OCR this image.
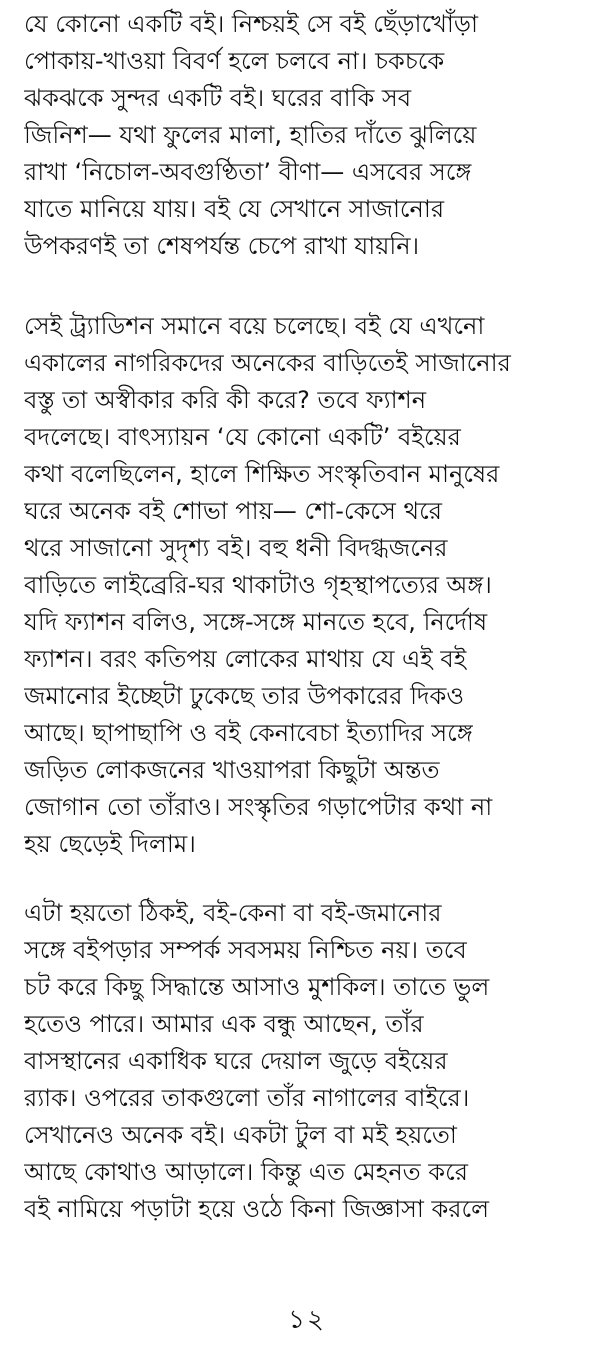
যে কোনো একটি বই। নিশ্চয়ই সে বই ছেঁড়াখোঁড়া
পোকায়-খাওয়া বিবর্ণ হলে চলবে না। চকচকে
ঝকঝকে সুন্দর একটি বই। ঘরের বাকি সব
জিনিশ— যথা ফুলের মালা, হাতির দাঁতে ঝুলিয়ে
রাখা ‘নিচোল-অবগুণ্ঠিতা’ বীণা— এসবের সঙ্গে
যাতে মানিয়ে যায়। বই যে সেখানে সাজানোর
উপকরণই তা শেষপর্যন্ত চেপে রাখা যায়নি।
সেই ট্র্যাডিশন সমানে বয়ে চলেছে। বই যে এখনো
একালের নাগরিকদের অনেকের বাড়িতেই সাজানোর
বস্তু তা অস্বীকার করি কী করে? তবে ফ্যাশন
বদলেছে। বাৎস্যায়ন ‘যে কোনো একটি’ বইয়ের
কথা বলেছিলেন, হালে শিক্ষিত সংস্কৃতিবান মানুষের
ঘরে অনেক বই শোভা পায়— শো-কেসে থরে
থরে সাজানো সুদৃশ্য বই। বহু ধনী বিদগ্ধজনের
বাড়িতে লাইব্রেরি-ঘর থাকাটাও গৃহস্থাপত্যের অঙ্গ।
যদি ফ্যাশন বলিও, সঙ্গে-সঙ্গে মানতে হবে, নির্দোষ
ফ্যাশন। বরং কতিপয় লোকের মাথায় যে এই বই
জমানোর ইচ্ছেটা ঢুকেছে তার উপকারের দিকও
আছে। ছাপাছাপি ও বই কেনাবেচা ইত্যাদির সঙ্গে
জড়িত লোকজনের খাওয়াপরা কিছুটা অন্তত
জোগান তো তাঁরাও। সংস্কৃতির গড়াপেটার কথা না
হয় ছেড়েই দিলাম।
এটা হয়তো ঠিকই, বই-কেনা বা বই-জমানোর
সঙ্গে বইপড়ার সম্পর্ক সবসময় নিশ্চিত নয়। তবে
চট করে কিছু সিদ্ধান্তে আসাও মুশকিল। তাতে ভুল
হতেও পারে। আমার এক বন্ধু আছেন, তাঁর
বাসস্থানের একাধিক ঘরে দেয়াল জুড়ে বইয়ের
র‍্যাক। ওপরের তাকগুলো তাঁর নাগালের বাইরে।
সেখানেও অনেক বই। একটা টুল বা মই হয়তো
আছে কোথাও আড়ালে। কিন্তু এত মেহনত করে
বই নামিয়ে পড়াটা হয়ে ওঠে কিনা জিজ্ঞাসা করলে
১২
